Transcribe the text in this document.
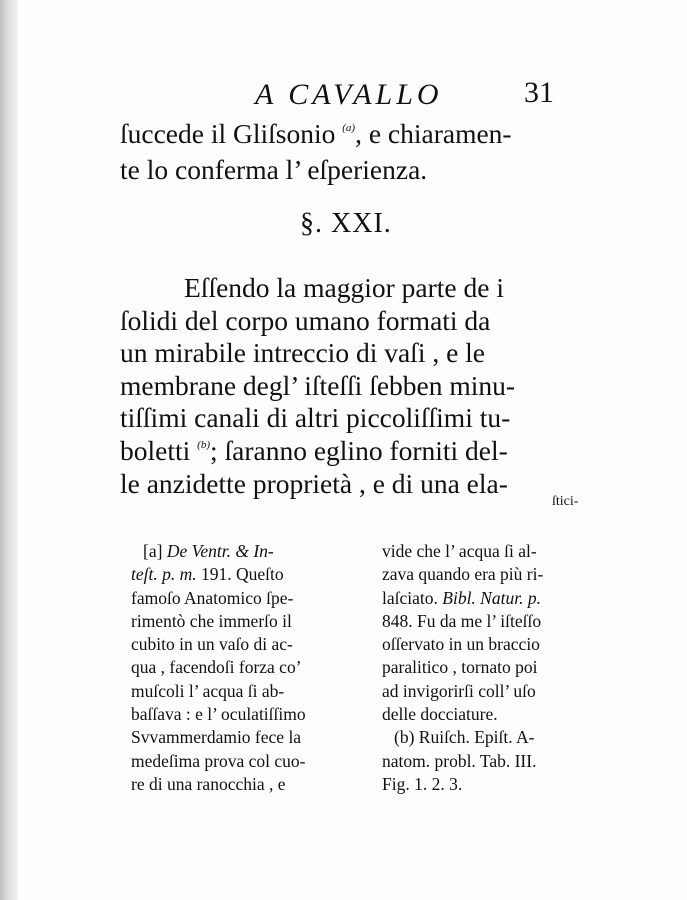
A CAVALLO	31
ſuccede il Gliſsonio $^{(a)}$, e chiaramen-
te lo conferma l’ eſperienza.
§. XXI.
Eſſendo la maggior parte de i
ſolidi del corpo umano formati da
un mirabile intreccio di vaſi , e le
membrane degl’ iſteſſi ſebben minu-
tiſſimi canali di altri piccoliſſimi tu-
boletti $^{(b)}$; ſaranno eglino forniti del-
le anzidette proprietà , e di una ela-
ſtici-
[a] De Ventr. & In-
teſt. p. m. 191. Queſto
famoſo Anatomico ſpe-
rimentò che immerſo il
cubito in un vaſo di ac-
qua , facendoſi forza co’
muſcoli l’ acqua ſi ab-
baſſava : e l’ oculatiſſimo
Svvammerdamio fece la
medeſima prova col cuo-
re di una ranocchia , e
vide che l’ acqua ſi al-
zava quando era più ri-
laſciato. Bibl. Natur. p.
848. Fu da me l’ iſteſſo
oſſervato in un braccio
paralitico , tornato poi
ad invigorirſi coll’ uſo
delle docciature.
(b) Ruiſch. Epiſt. A-
natom. probl. Tab. III.
Fig. 1. 2. 3.
